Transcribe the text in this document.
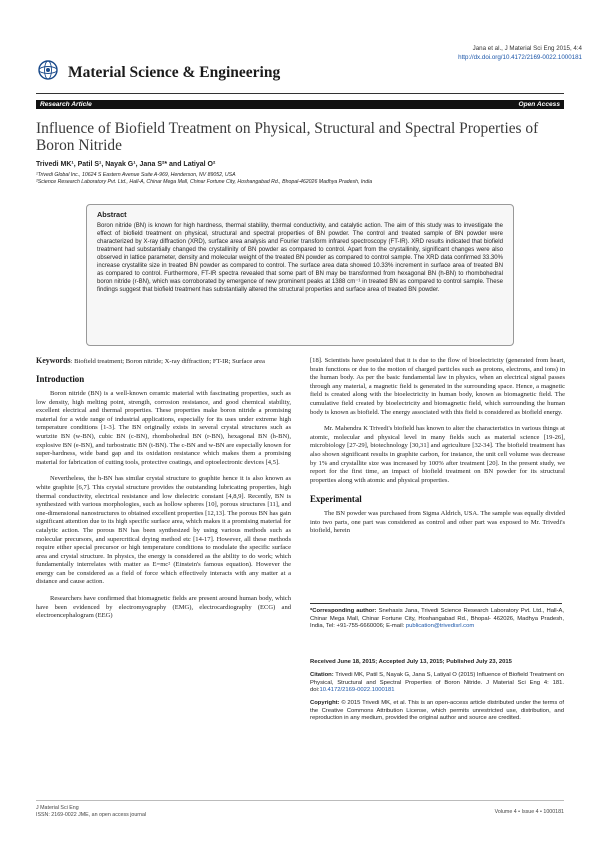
Jana et al., J Material Sci Eng 2015, 4:4
http://dx.doi.org/10.4172/2169-0022.1000181
Material Science & Engineering
Research Article	Open Access
Influence of Biofield Treatment on Physical, Structural and Spectral Properties of Boron Nitride
Trivedi MK¹, Patil S¹, Nayak G¹, Jana S²* and Latiyal O²
¹Trivedi Global Inc., 10624 S Eastern Avenue Suite A-969, Henderson, NV 89052, USA
²Science Research Laboratory Pvt. Ltd., Hall-A, Chinar Mega Mall, Chinar Fortune City, Hoshangabad Rd., Bhopal-462026 Madhya Pradesh, India
Abstract

Boron nitride (BN) is known for high hardness, thermal stability, thermal conductivity, and catalytic action. The aim of this study was to investigate the effect of biofield treatment on physical, structural and spectral properties of BN powder. The control and treated sample of BN powder were characterized by X-ray diffraction (XRD), surface area analysis and Fourier transform infrared spectroscopy (FT-IR). XRD results indicated that biofield treatment had substantially changed the crystallinity of BN powder as compared to control. Apart from the crystallinity, significant changes were also observed in lattice parameter, density and molecular weight of the treated BN powder as compared to control sample. The XRD data confirmed 33.30% increase crystallite size in treated BN powder as compared to control. The surface area data showed 10.33% increment in surface area of treated BN as compared to control. Furthermore, FT-IR spectra revealed that some part of BN may be transformed from hexagonal BN (h-BN) to rhombohedral boron nitride (r-BN), which was corroborated by emergence of new prominent peaks at 1388 cm⁻¹ in treated BN as compared to control sample. These findings suggest that biofield treatment has substantially altered the structural properties and surface area of treated BN powder.

Keywords: Biofield treatment; Boron nitride; X-ray diffraction; FT-IR; Surface area

Introduction

Boron nitride (BN) is a well-known ceramic material with fascinating properties, such as low density, high melting point, strength, corrosion resistance, and good chemical stability, excellent electrical and thermal properties. These properties make boron nitride a promising material for a wide range of industrial applications, especially for its uses under extreme high temperature conditions [1-3]. The BN originally exists in several crystal structures such as wurtzite BN (w-BN), cubic BN (c-BN), rhombohedral BN (r-BN), hexagonal BN (h-BN), explosive BN (e-BN), and turbostratic BN (t-BN). The c-BN and w-BN are especially known for super-hardness, wide band gap and its oxidation resistance which makes them a promising material for fabrication of cutting tools, protective coatings, and optoelectronic devices [4,5].

Nevertheless, the h-BN has similar crystal structure to graphite hence it is also known as white graphite [6,7]. This crystal structure provides the outstanding lubricating properties, high thermal conductivity, electrical resistance and low dielectric constant [4,8,9]. Recently, BN is synthesized with various morphologies, such as hollow spheres [10], porous structures [11], and one-dimensional nanostructures to obtained excellent properties [12,13]. The porous BN has gain significant attention due to its high specific surface area, which makes it a promising material for catalytic action. The porous BN has been synthesized by using various methods such as molecular precursors, and supercritical drying method etc [14-17]. However, all these methods require either special precursor or high temperature conditions to modulate the specific surface area and crystal structure. In physics, the energy is considered as the ability to do work; which fundamentally interrelates with matter as E=mc² (Einstein's famous equation). However the energy can be considered as a field of force which effectively interacts with any matter at a distance and cause action.

Researchers have confirmed that biomagnetic fields are present around human body, which have been evidenced by electromyography (EMG), electrocardiography (ECG) and electroencephalogram (EEG)

[18]. Scientists have postulated that it is due to the flow of bioelectricity (generated from heart, brain functions or due to the motion of charged particles such as protons, electrons, and ions) in the human body. As per the basic fundamental law in physics, when an electrical signal passes through any material, a magnetic field is generated in the surrounding space. Hence, a magnetic field is created along with the bioelectricity in human body, known as biomagnetic field. The cumulative field created by bioelectricity and biomagnetic field, which surrounding the human body is known as biofield. The energy associated with this field is considered as biofield energy.

Mr. Mahendra K Trivedi's biofield has known to alter the characteristics in various things at atomic, molecular and physical level in many fields such as material science [19-26], microbiology [27-29], biotechnology [30,31] and agriculture [32-34]. The biofield treatment has also shown significant results in graphite carbon, for instance, the unit cell volume was decrease by 1% and crystallite size was increased by 100% after treatment [20]. In the present study, we report for the first time, an impact of biofield treatment on BN powder for its structural properties along with atomic and physical properties.

Experimental

The BN powder was purchased from Sigma Aldrich, USA. The sample was equally divided into two parts, one part was considered as control and other part was exposed to Mr. Trivedi's biofield, herein

*Corresponding author: Snehasis Jana, Trivedi Science Research Laboratory Pvt. Ltd., Hall-A, Chinar Mega Mall, Chinar Fortune City, Hoshangabad Rd., Bhopal- 462026, Madhya Pradesh, India, Tel: +91-755-6660006; E-mail: publication@trivedisrl.com
Received June 18, 2015; Accepted July 13, 2015; Published July 23, 2015
Citation: Trivedi MK, Patil S, Nayak G, Jana S, Latiyal O (2015) Influence of Biofield Treatment on Physical, Structural and Spectral Properties of Boron Nitride. J Material Sci Eng 4: 181. doi:10.4172/2169-0022.1000181
Copyright: © 2015 Trivedi MK, et al. This is an open-access article distributed under the terms of the Creative Commons Attribution License, which permits unrestricted use, distribution, and reproduction in any medium, provided the original author and source are credited.
J Material Sci Eng
ISSN: 2169-0022 JME, an open access journal
Volume 4 • Issue 4 • 1000181
